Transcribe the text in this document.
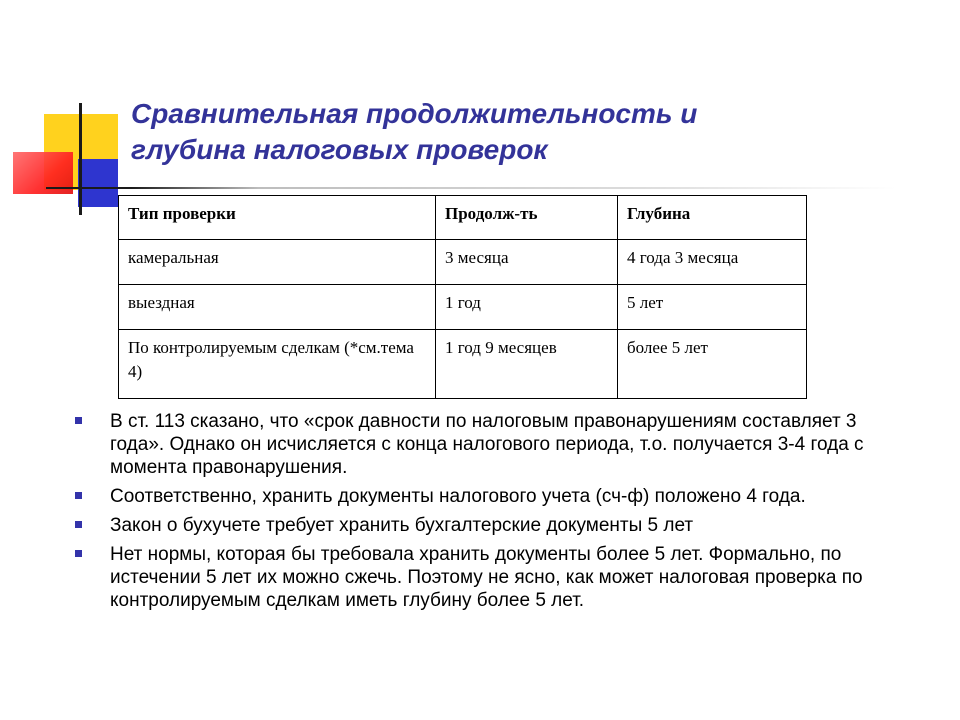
Сравнительная продолжительность и
глубина налоговых проверок
Тип проверки	Продолж-ть	Глубина
камеральная	3 месяца	4 года 3 месяца
выездная	1 год	5 лет
По контролируемым сделкам (*см.тема 4)	1 год 9 месяцев	более 5 лет
В ст. 113 сказано, что «срок давности по налоговым правонарушениям составляет 3 года». Однако он исчисляется с конца налогового периода, т.о. получается 3-4 года с момента правонарушения.
Соответственно, хранить документы налогового учета (сч-ф) положено 4 года.
Закон о бухучете требует хранить бухгалтерские документы 5 лет
Нет нормы, которая бы требовала хранить документы более 5 лет. Формально, по истечении 5 лет их можно сжечь. Поэтому не ясно, как может налоговая проверка по контролируемым сделкам иметь глубину более 5 лет.
